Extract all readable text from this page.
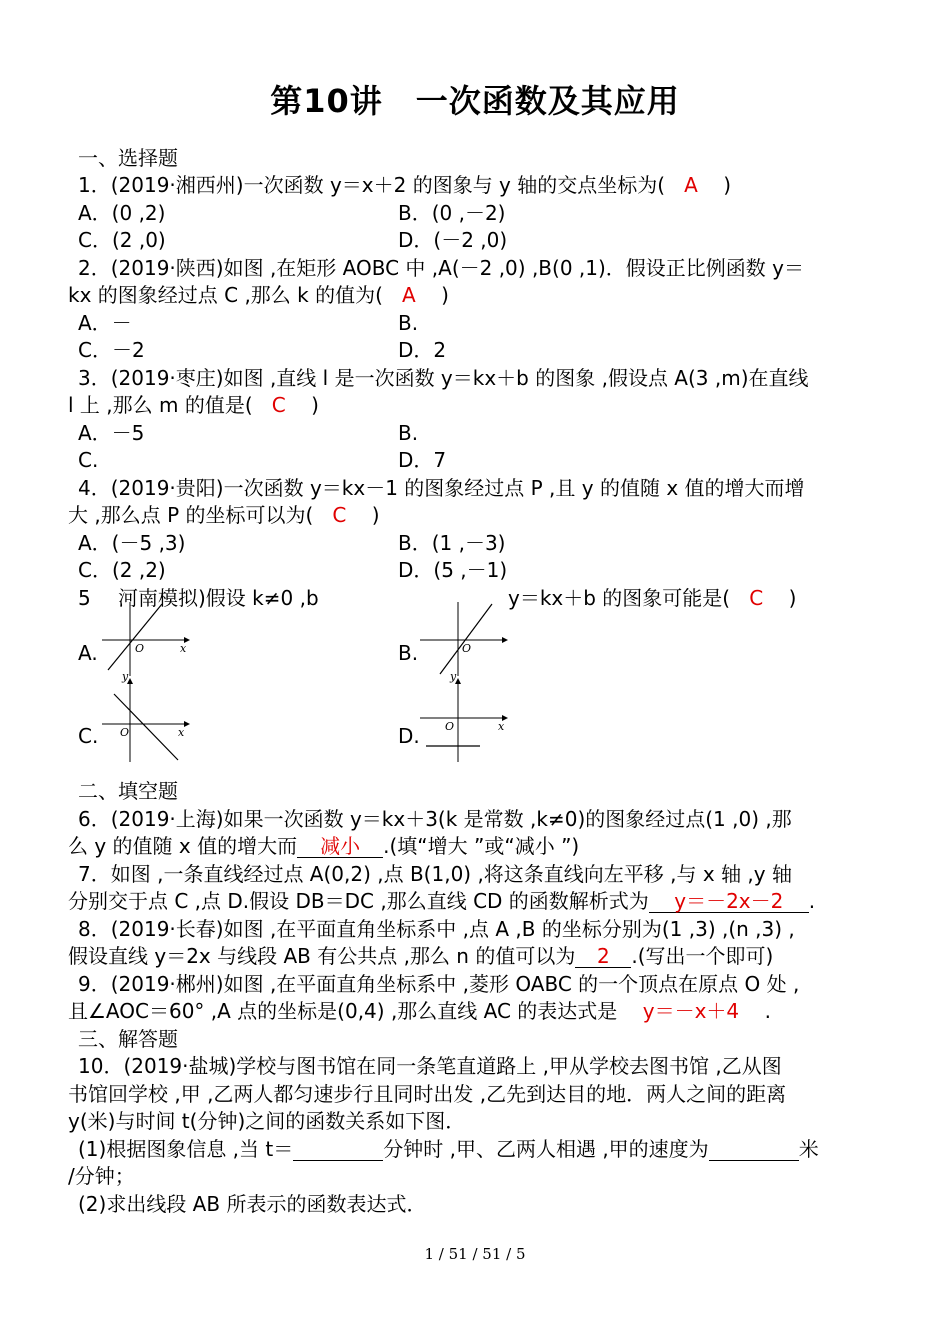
第10讲　一次函数及其应用
一、选择题
1．(2019·湘西州)一次函数 y＝x＋2 的图象与 y 轴的交点坐标为( A )
A．(0 ,2)	B．(0 ,－2)
C．(2 ,0)	D．(－2 ,0)
2．(2019·陕西)如图 ,在矩形 AOBC 中 ,A(－2 ,0) ,B(0 ,1)．假设正比例函数 y＝
kx 的图象经过点 C ,那么 k 的值为( A )
A．－	B.
C．－2	D．2
3．(2019·枣庄)如图 ,直线 l 是一次函数 y＝kx＋b 的图象 ,假设点 A(3 ,m)在直线
l 上 ,那么 m 的值是( C )
A．－5	B.
C.	D．7
4．(2019·贵阳)一次函数 y＝kx－1 的图象经过点 P ,且 y 的值随 x 值的增大而增
大 ,那么点 P 的坐标可以为( C )
A．(－5 ,3)	B．(1 ,－3)
C．(2 ,2)	D．(5 ,－1)
5 河南模拟)假设 k≠0 ,b	y＝kx＋b 的图象可能是( C )
A.	O	x	B.	O
C.
y
O	x	D.
y
O	x
二、填空题
6．(2019·上海)如果一次函数 y＝kx＋3(k 是常数 ,k≠0)的图象经过点(1 ,0) ,那
么 y 的值随 x 值的增大而 减小 .(填“增大 ”或“减小 ”)
7．如图 ,一条直线经过点 A(0,2) ,点 B(1,0) ,将这条直线向左平移 ,与 x 轴 ,y 轴
分别交于点 C ,点 D.假设 DB＝DC ,那么直线 CD 的函数解析式为 y＝－2x－2 .
8．(2019·长春)如图 ,在平面直角坐标系中 ,点 A ,B 的坐标分别为(1 ,3) ,(n ,3) ,
假设直线 y＝2x 与线段 AB 有公共点 ,那么 n 的值可以为 2 .(写出一个即可)
9．(2019·郴州)如图 ,在平面直角坐标系中 ,菱形 OABC 的一个顶点在原点 O 处 ,
且∠AOC＝60° ,A 点的坐标是(0,4) ,那么直线 AC 的表达式是 y＝－x＋4 .
三、解答题
10．(2019·盐城)学校与图书馆在同一条笔直道路上 ,甲从学校去图书馆 ,乙从图
书馆回学校 ,甲 ,乙两人都匀速步行且同时出发 ,乙先到达目的地．两人之间的距离
y(米)与时间 t(分钟)之间的函数关系如下图．
(1)根据图象信息 ,当 t＝	分钟时 ,甲、乙两人相遇 ,甲的速度为	米
/分钟；
(2)求出线段 AB 所表示的函数表达式．
1 / 51 / 51 / 5
